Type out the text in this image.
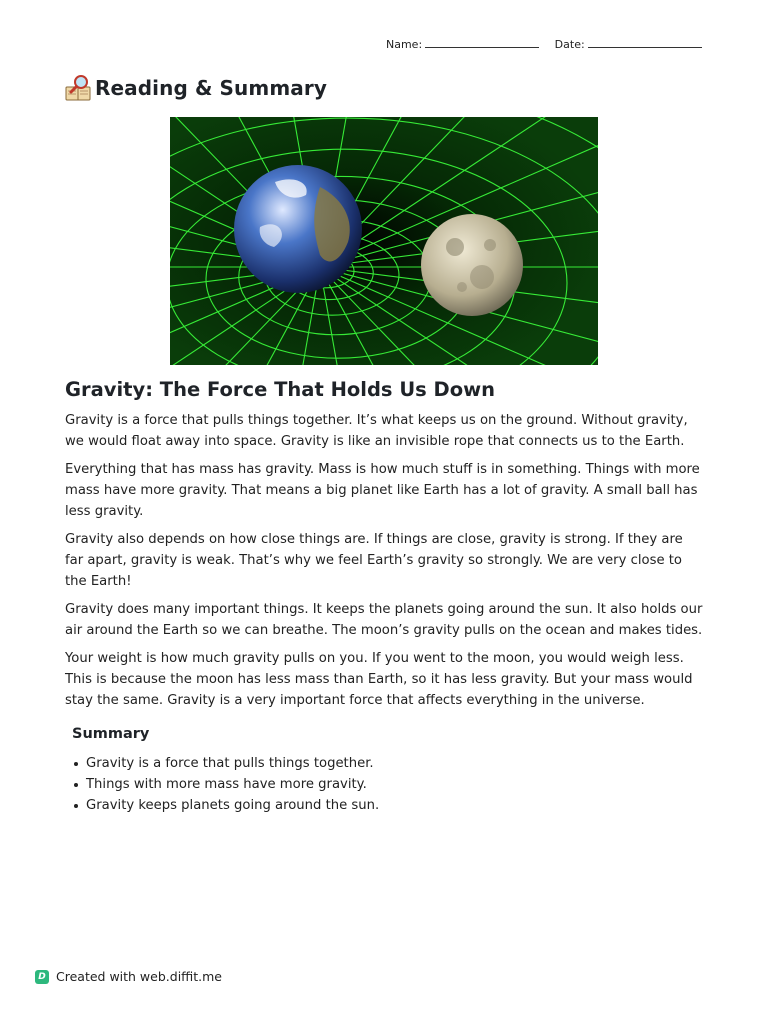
Name:	Date:
Reading & Summary
Gravity: The Force That Holds Us Down

Gravity is a force that pulls things together. It’s what keeps us on the ground. Without gravity, we would float away into space. Gravity is like an invisible rope that connects us to the Earth.

Everything that has mass has gravity. Mass is how much stuff is in something. Things with more mass have more gravity. That means a big planet like Earth has a lot of gravity. A small ball has less gravity.

Gravity also depends on how close things are. If things are close, gravity is strong. If they are far apart, gravity is weak. That’s why we feel Earth’s gravity so strongly. We are very close to the Earth!

Gravity does many important things. It keeps the planets going around the sun. It also holds our air around the Earth so we can breathe. The moon’s gravity pulls on the ocean and makes tides.

Your weight is how much gravity pulls on you. If you went to the moon, you would weigh less. This is because the moon has less mass than Earth, so it has less gravity. But your mass would stay the same. Gravity is a very important force that affects everything in the universe.

Summary
Gravity is a force that pulls things together.
Things with more mass have more gravity.
Gravity keeps planets going around the sun.
D Created with web.diffit.me
